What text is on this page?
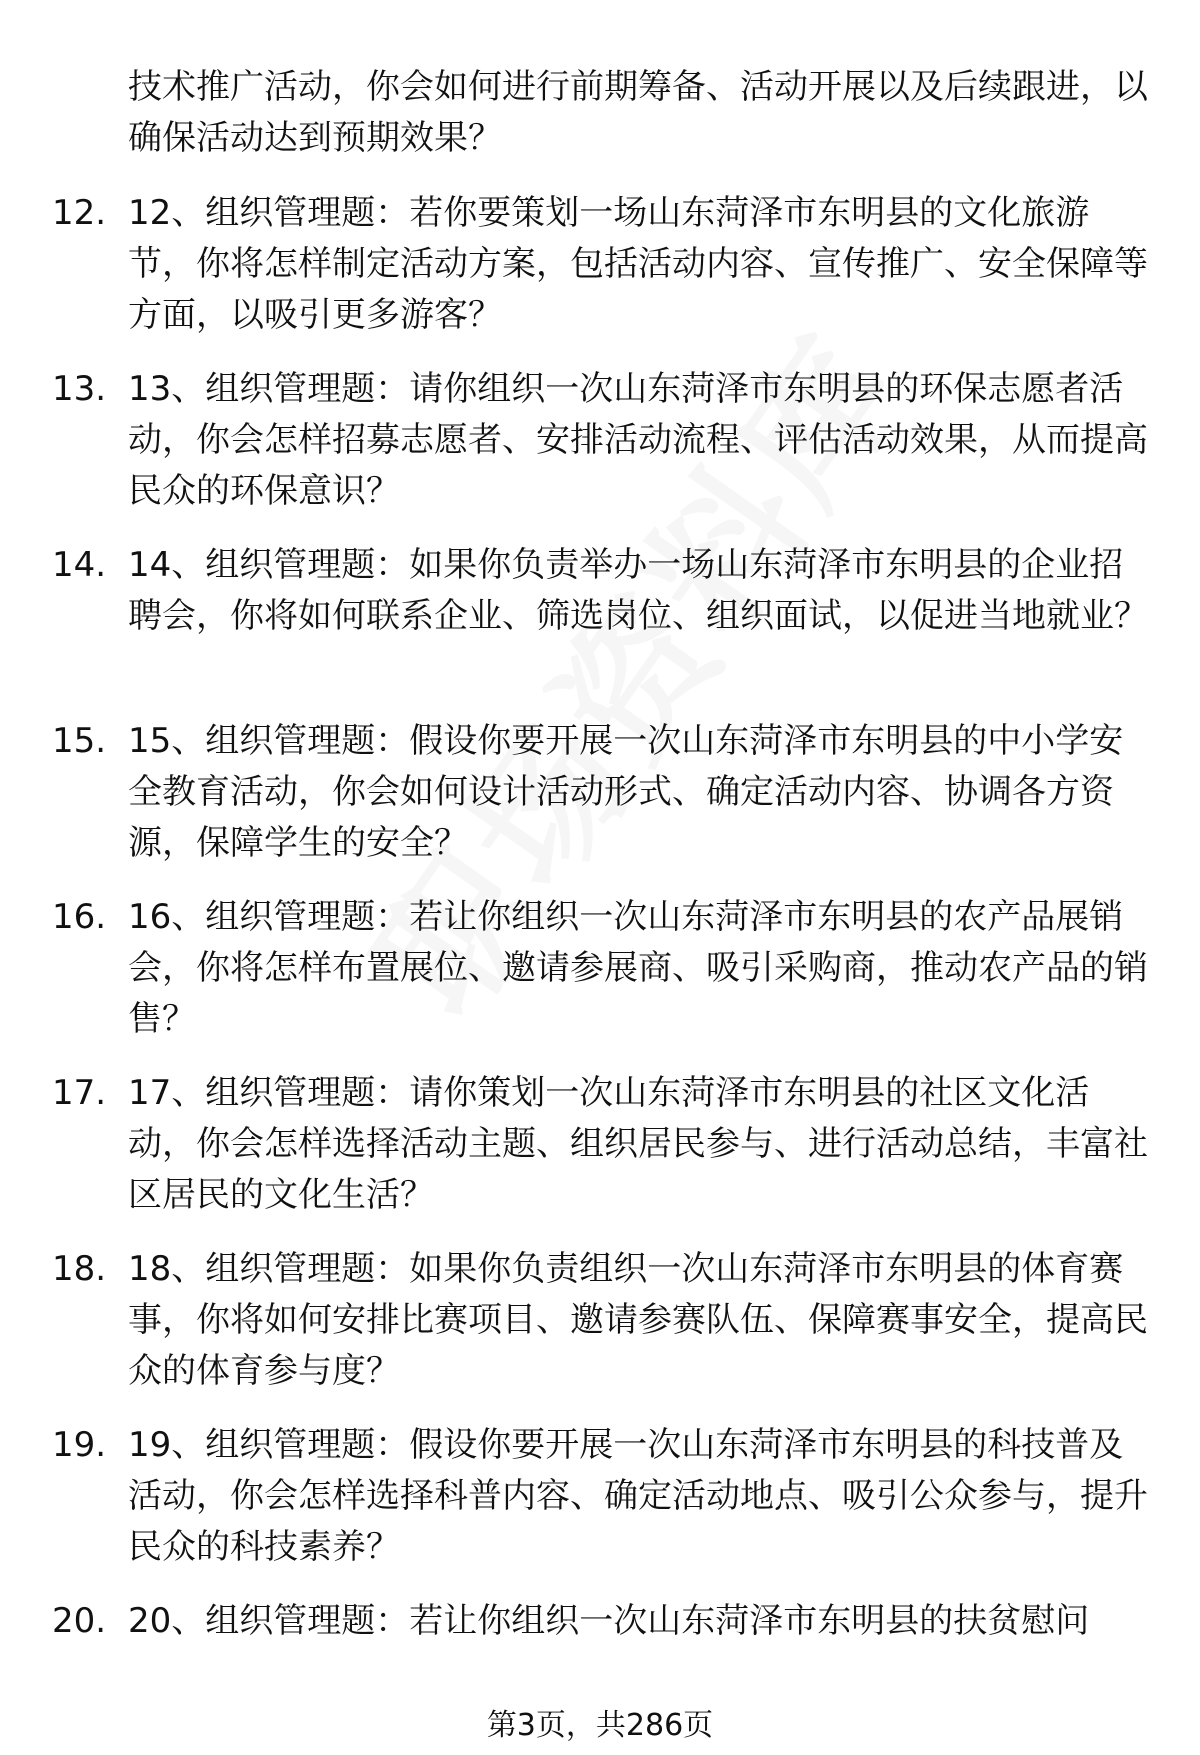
技术推广活动，你会如何进行前期筹备、活动开展以及后续跟进，以确保活动达到预期效果？
12. 12、组织管理题：若你要策划一场山东菏泽市东明县的文化旅游节，你将怎样制定活动方案，包括活动内容、宣传推广、安全保障等方面，以吸引更多游客？
13. 13、组织管理题：请你组织一次山东菏泽市东明县的环保志愿者活动，你会怎样招募志愿者、安排活动流程、评估活动效果，从而提高民众的环保意识？
14. 14、组织管理题：如果你负责举办一场山东菏泽市东明县的企业招聘会，你将如何联系企业、筛选岗位、组织面试，以促进当地就业？
15. 15、组织管理题：假设你要开展一次山东菏泽市东明县的中小学安全教育活动，你会如何设计活动形式、确定活动内容、协调各方资源，保障学生的安全？
16. 16、组织管理题：若让你组织一次山东菏泽市东明县的农产品展销会，你将怎样布置展位、邀请参展商、吸引采购商，推动农产品的销售？
17. 17、组织管理题：请你策划一次山东菏泽市东明县的社区文化活动，你会怎样选择活动主题、组织居民参与、进行活动总结，丰富社区居民的文化生活？
18. 18、组织管理题：如果你负责组织一次山东菏泽市东明县的体育赛事，你将如何安排比赛项目、邀请参赛队伍、保障赛事安全，提高民众的体育参与度？
19. 19、组织管理题：假设你要开展一次山东菏泽市东明县的科技普及活动，你会怎样选择科普内容、确定活动地点、吸引公众参与，提升民众的科技素养？
20. 20、组织管理题：若让你组织一次山东菏泽市东明县的扶贫慰问
第3页，共286页
